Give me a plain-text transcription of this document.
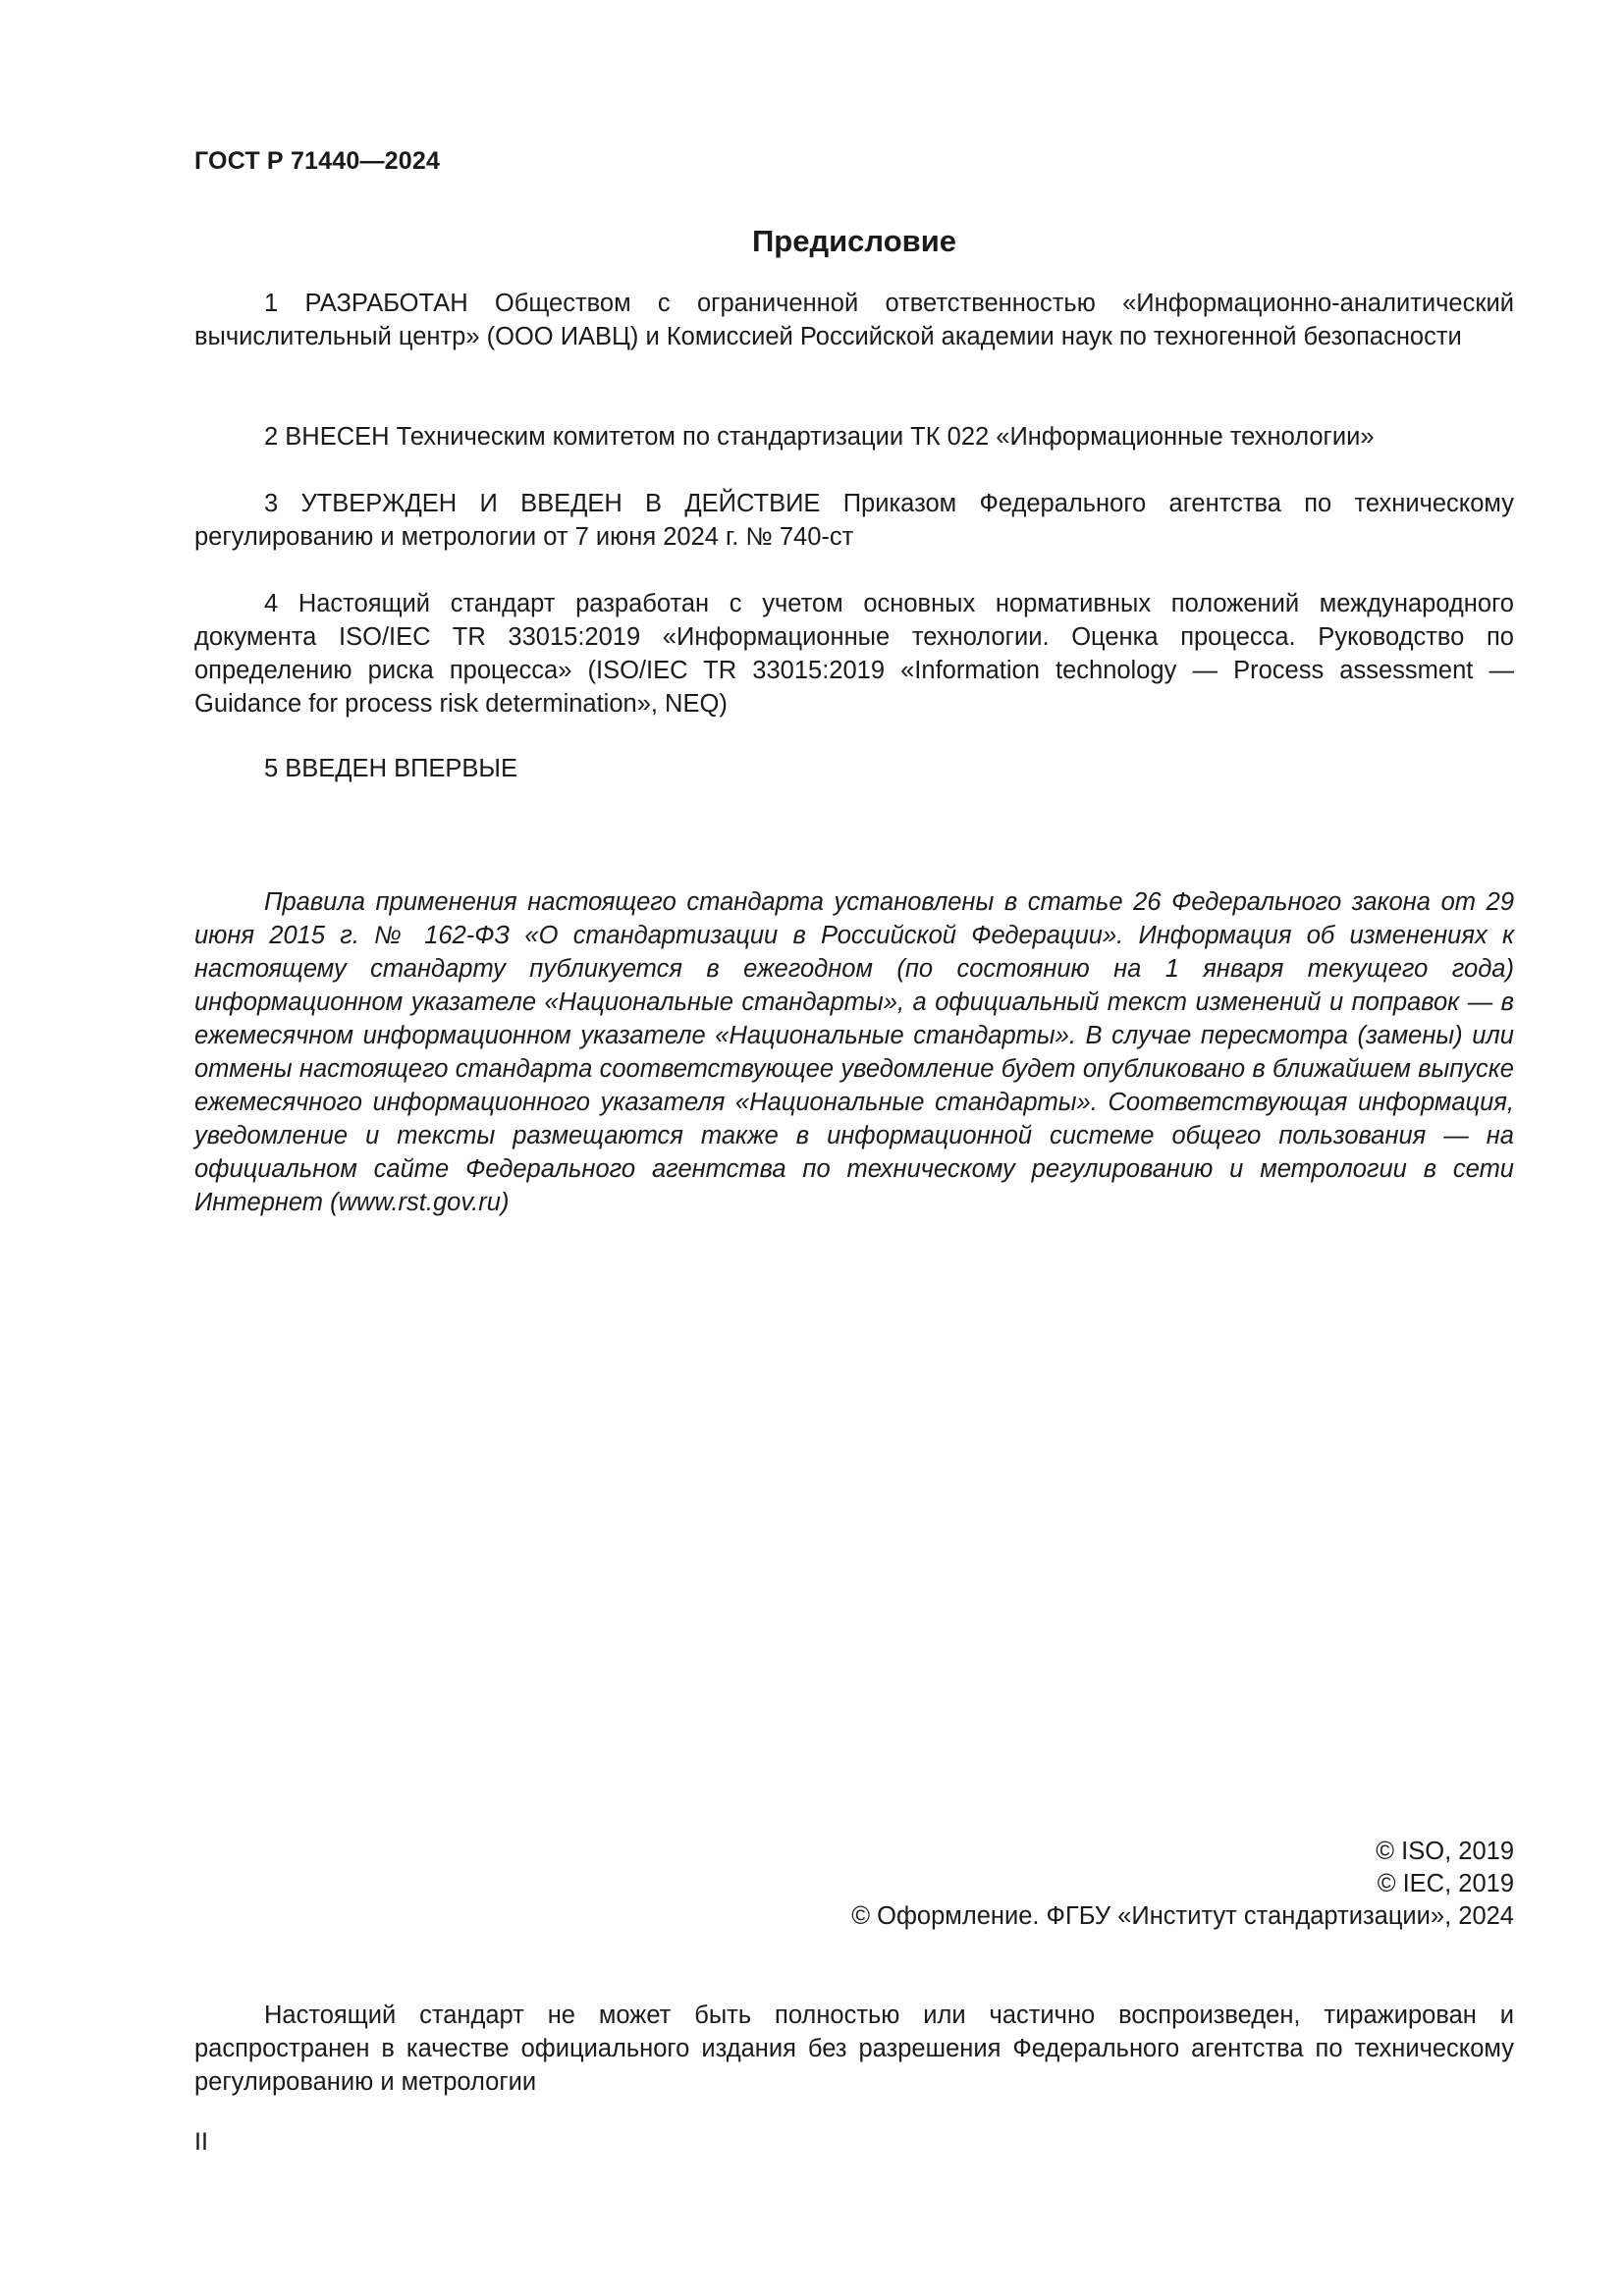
ГОСТ Р 71440—2024
Предисловие

1 РАЗРАБОТАН Обществом с ограниченной ответственностью «Информационно-аналитический вычислительный центр» (ООО ИАВЦ) и Комиссией Российской академии наук по техногенной безопасности

2 ВНЕСЕН Техническим комитетом по стандартизации ТК 022 «Информационные технологии»

3 УТВЕРЖДЕН И ВВЕДЕН В ДЕЙСТВИЕ Приказом Федерального агентства по техническому регулированию и метрологии от 7 июня 2024 г. № 740-ст

4 Настоящий стандарт разработан с учетом основных нормативных положений международного документа ISO/IEC TR 33015:2019 «Информационные технологии. Оценка процесса. Руководство по определению риска процесса» (ISO/IEC TR 33015:2019 «Information technology — Process assessment — Guidance for process risk determination», NEQ)

5 ВВЕДЕН ВПЕРВЫЕ

Правила применения настоящего стандарта установлены в статье 26 Федерального закона от 29 июня 2015 г. № 162-ФЗ «О стандартизации в Российской Федерации». Информация об изменениях к настоящему стандарту публикуется в ежегодном (по состоянию на 1 января текущего года) информационном указателе «Национальные стандарты», а официальный текст изменений и поправок — в ежемесячном информационном указателе «Национальные стандарты». В случае пересмотра (замены) или отмены настоящего стандарта соответствующее уведомление будет опубликовано в ближайшем выпуске ежемесячного информационного указателя «Национальные стандарты». Соответствующая информация, уведомление и тексты размещаются также в информационной системе общего пользования — на официальном сайте Федерального агентства по техническому регулированию и метрологии в сети Интернет (www.rst.gov.ru)

© ISO, 2019
© IEC, 2019
© Оформление. ФГБУ «Институт стандартизации», 2024

Настоящий стандарт не может быть полностью или частично воспроизведен, тиражирован и распространен в качестве официального издания без разрешения Федерального агентства по техническому регулированию и метрологии

II
